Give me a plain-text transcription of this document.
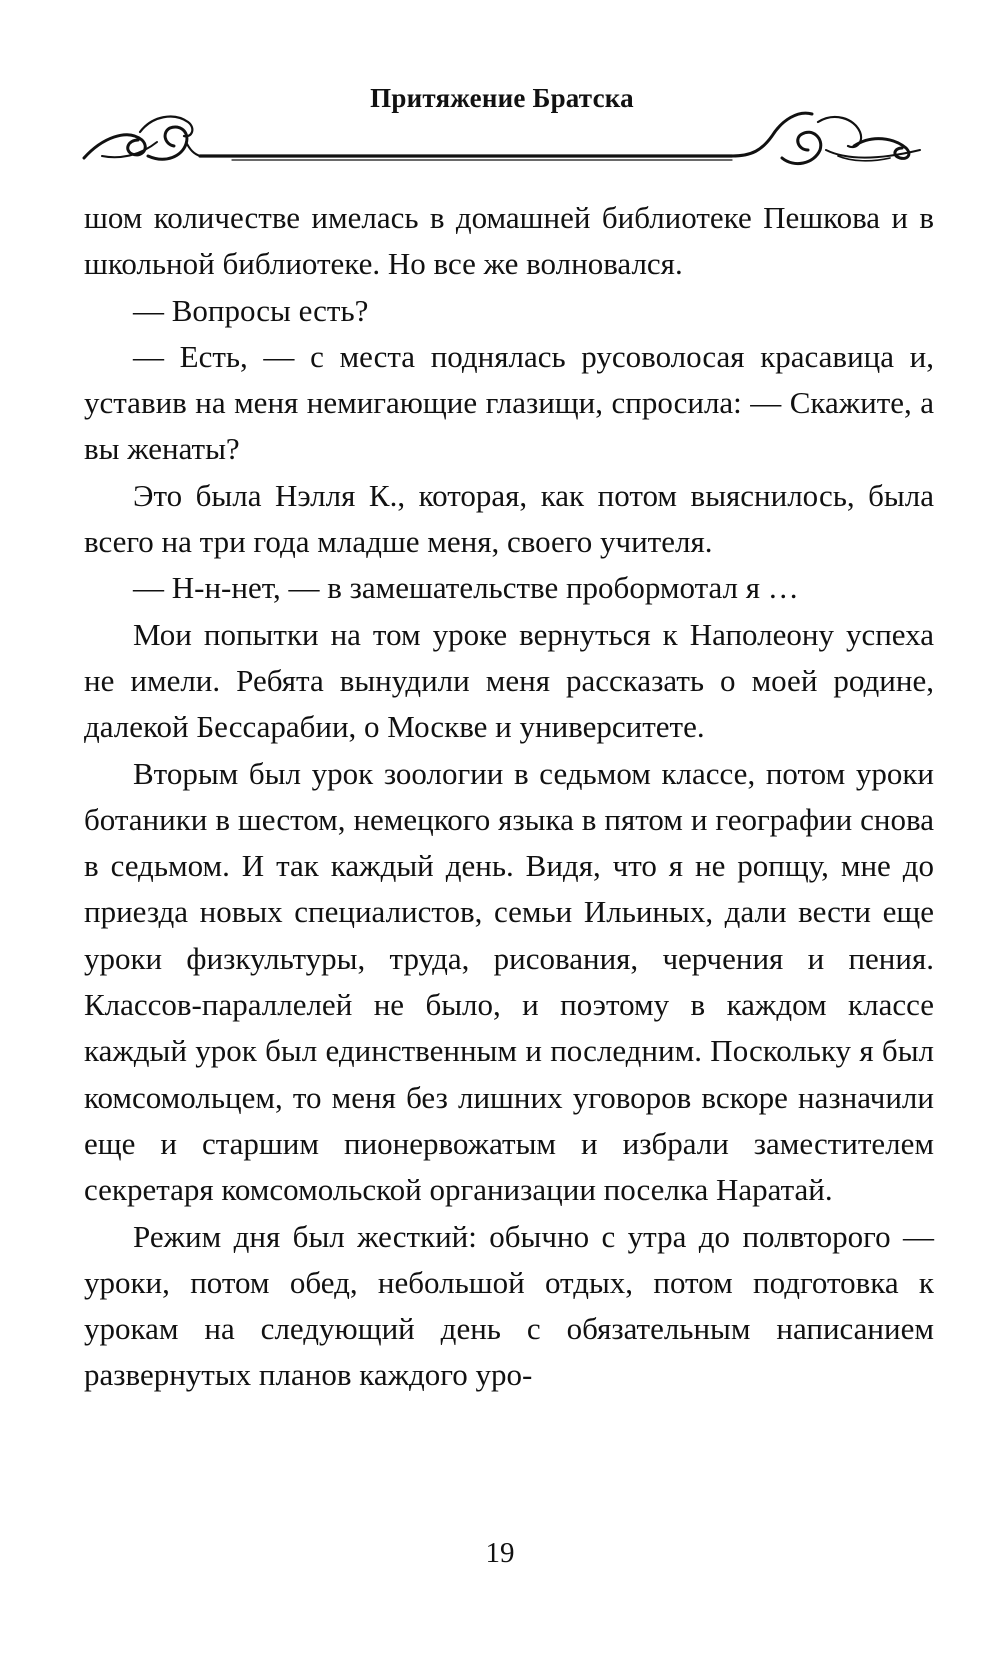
Притяжение Братска

шом количестве имелась в домашней библиотеке Пешкова и в школьной библиотеке. Но все же волновался.

— Вопросы есть?

— Есть, — с места поднялась русоволосая красавица и, уставив на меня немигающие глазищи, спросила: — Скажите, а вы женаты?

Это была Нэлля К., которая, как потом выяснилось, была всего на три года младше меня, своего учителя.

— Н-н-нет, — в замешательстве пробормотал я …

Мои попытки на том уроке вернуться к Наполеону успеха не имели. Ребята вынудили меня рассказать о моей родине, далекой Бессарабии, о Москве и университете.

Вторым был урок зоологии в седьмом классе, потом уроки ботаники в шестом, немецкого языка в пятом и географии снова в седьмом. И так каждый день. Видя, что я не ропщу, мне до приезда новых специалистов, семьи Ильиных, дали вести еще уроки физкультуры, труда, рисования, черчения и пения. Классов-параллелей не было, и поэтому в каждом классе каждый урок был единственным и последним. Поскольку я был комсомольцем, то меня без лишних уговоров вскоре назначили еще и старшим пионервожатым и избрали заместителем секретаря комсомольской организации поселка Наратай.

Режим дня был жесткий: обычно с утра до полвторого — уроки, потом обед, небольшой отдых, потом подготовка к урокам на следующий день с обязательным написанием развернутых планов каждого уро-

19
